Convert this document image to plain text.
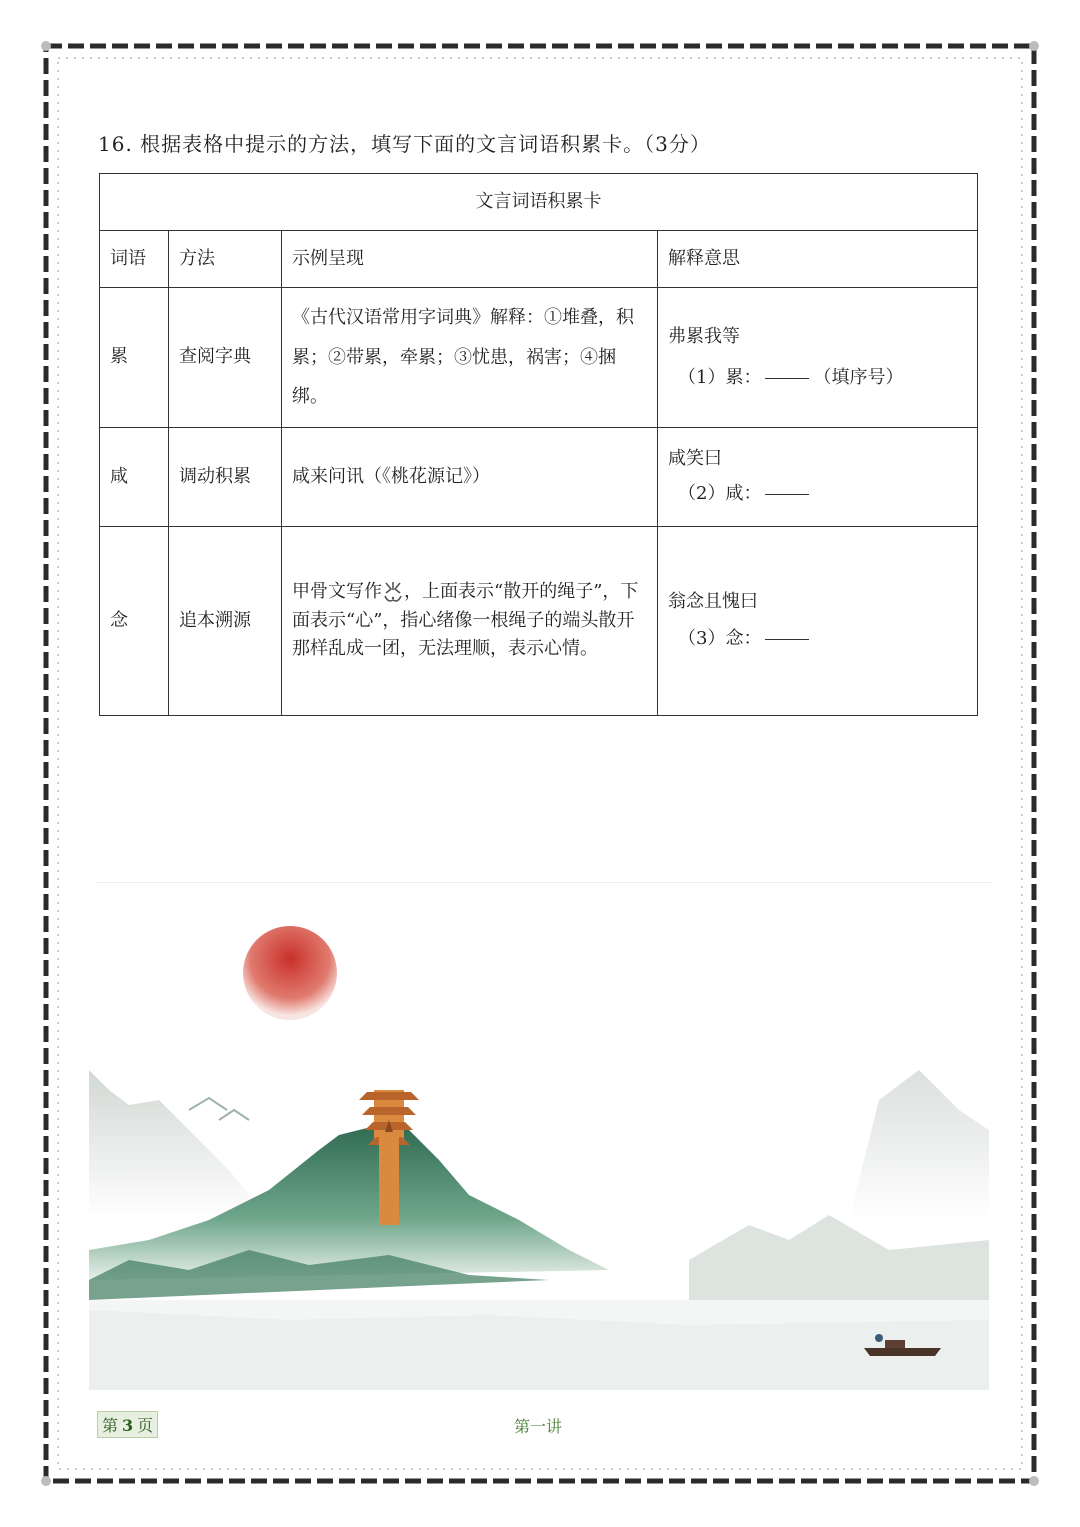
16. 根据表格中提示的方法，填写下面的文言词语积累卡。（3分）
文言词语积累卡			
词语	方法	示例呈现	解释意思
累	查阅字典	《古代汉语常用字词典》解释：①堆叠，积累；②带累，牵累；③忧患，祸害；④捆绑。	弗累我等
（1）累： （填序号）

咸	调动积累	咸来问讯（《桃花源记》）	咸笑曰
（2）咸：

念	追本溯源	甲骨文写作 ，上面表示“散开的绳子”，下面表示“心”，指心绪像一根绳子的端头散开那样乱成一团，无法理顺，表示心情。	翁念且愧曰
（3）念：
第 3 页	第一讲
